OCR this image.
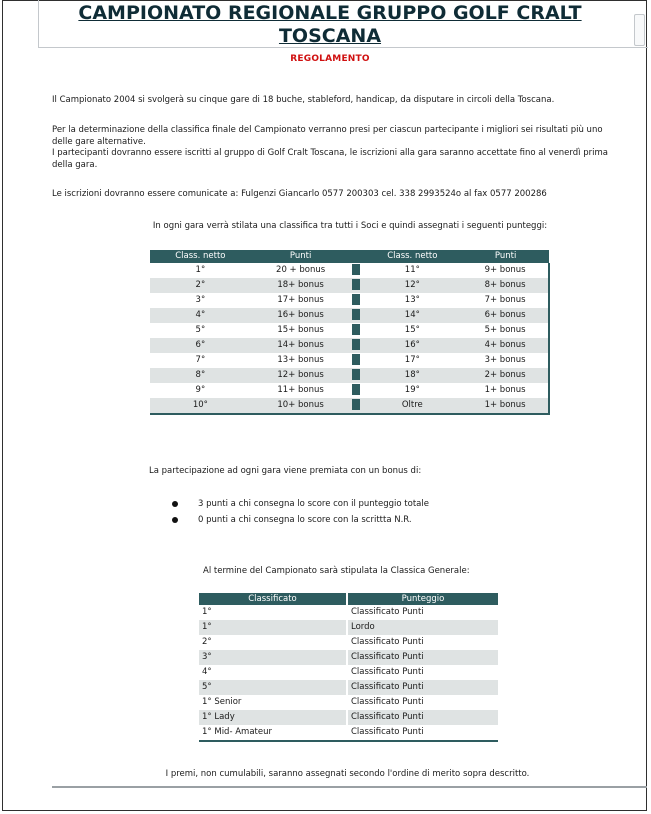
CAMPIONATO REGIONALE GRUPPO GOLF CRALT TOSCANA
REGOLAMENTO
Il Campionato 2004 si svolgerà su cinque gare di 18 buche, stableford, handicap, da disputare in circoli della Toscana.
Per la determinazione della classifica finale del Campionato verranno presi per ciascun partecipante i migliori sei risultati più uno delle gare alternative.
I partecipanti dovranno essere iscritti al gruppo di Golf Cralt Toscana, le iscrizioni alla gara saranno accettate fino al venerdì prima della gara.
Le iscrizioni dovranno essere comunicate a: Fulgenzi Giancarlo 0577 200303 cel. 338 2993524o al fax 0577 200286
In ogni gara verrà stilata una classifica tra tutti i Soci e quindi assegnati i seguenti punteggi:
Class. netto	Punti		Class. netto	Punti
1°	20 + bonus		11°	9+ bonus
2°	18+ bonus		12°	8+ bonus
3°	17+ bonus		13°	7+ bonus
4°	16+ bonus		14°	6+ bonus
5°	15+ bonus		15°	5+ bonus
6°	14+ bonus		16°	4+ bonus
7°	13+ bonus		17°	3+ bonus
8°	12+ bonus		18°	2+ bonus
9°	11+ bonus		19°	1+ bonus
10°	10+ bonus		Oltre	1+ bonus
La partecipazione ad ogni gara viene premiata con un bonus di:
3 punti a chi consegna lo score con il punteggio totale
0 punti a chi consegna lo score con la scrittta N.R.
Al termine del Campionato sarà stipulata la Classica Generale:
Classificato		Punteggio
1°		Classificato Punti
1°		Lordo
2°		Classificato Punti
3°		Classificato Punti
4°		Classificato Punti
5°		Classificato Punti
1° Senior		Classificato Punti
1° Lady		Classificato Punti
1° Mid- Amateur		Classificato Punti
I premi, non cumulabili, saranno assegnati secondo l'ordine di merito sopra descritto.
